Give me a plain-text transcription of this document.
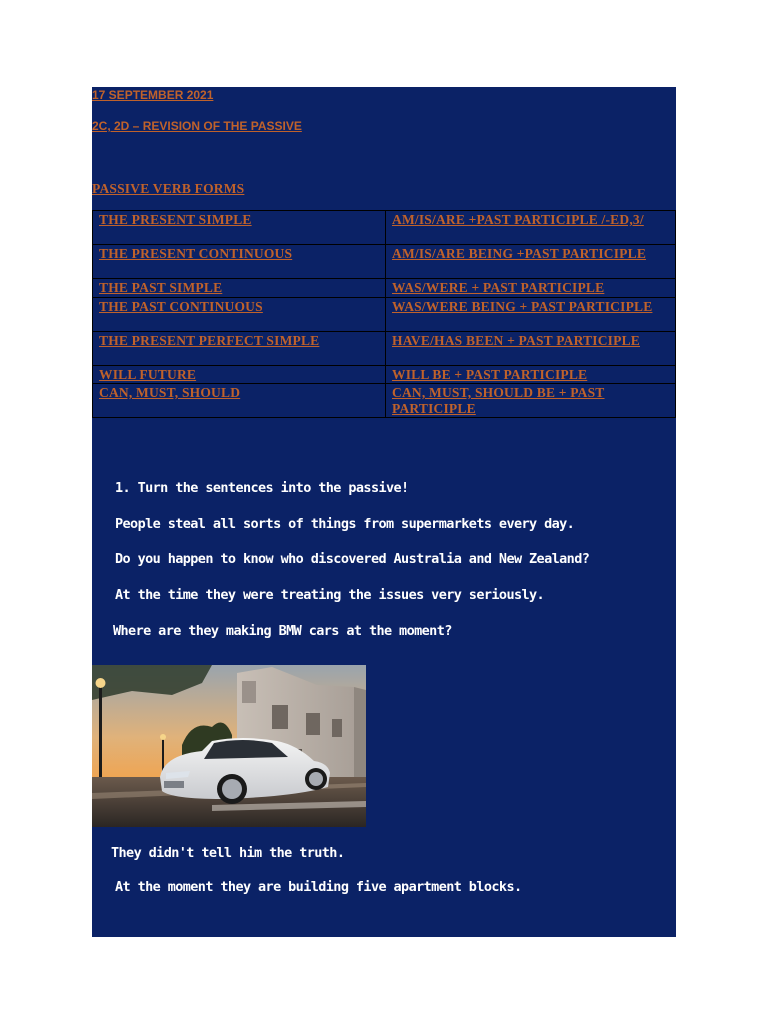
17 SEPTEMBER 2021
2C, 2D – REVISION OF THE PASSIVE
PASSIVE VERB FORMS
THE PRESENT SIMPLE	AM/IS/ARE +PAST PARTICIPLE /-ED,3/
THE PRESENT CONTINUOUS	AM/IS/ARE BEING +PAST PARTICIPLE
THE PAST SIMPLE	WAS/WERE + PAST PARTICIPLE
THE PAST CONTINUOUS	WAS/WERE BEING + PAST PARTICIPLE
THE PRESENT PERFECT SIMPLE	HAVE/HAS BEEN + PAST PARTICIPLE
WILL FUTURE	WILL BE + PAST PARTICIPLE
CAN, MUST, SHOULD	CAN, MUST, SHOULD BE + PAST PARTICIPLE
1. Turn the sentences into the passive!
People steal all sorts of things from supermarkets every day.
Do you happen to know who discovered Australia and New Zealand?
At the time they were treating the issues very seriously.
Where are they making BMW cars at the moment?
They didn't tell him the truth.
At the moment they are building five apartment blocks.
